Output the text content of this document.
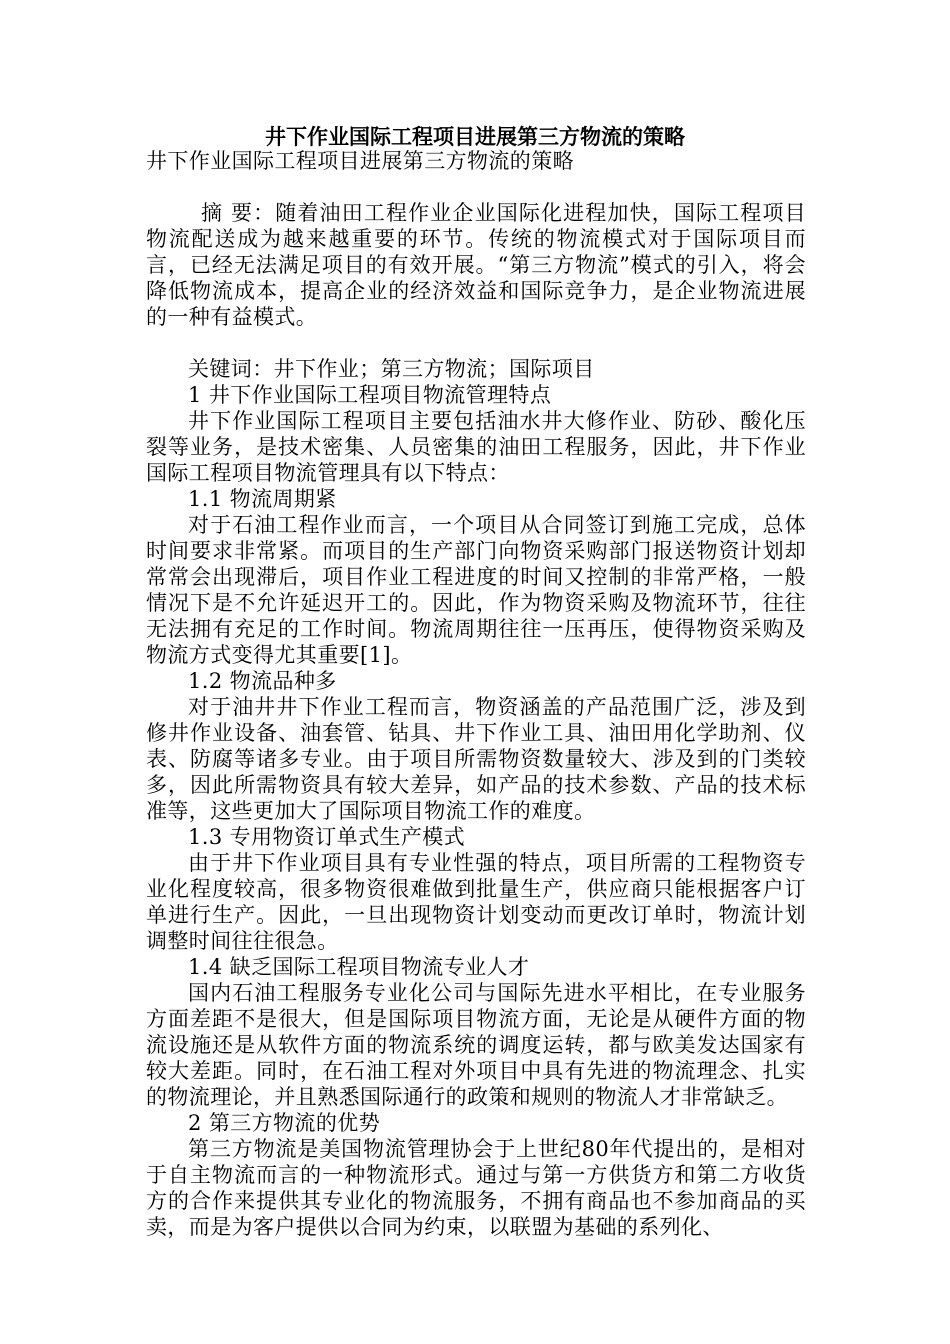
井下作业国际工程项目进展第三方物流的策略

井下作业国际工程项目进展第三方物流的策略

摘 要：随着油田工程作业企业国际化进程加快，国际工程项目物流配送成为越来越重要的环节。传统的物流模式对于国际项目而言，已经无法满足项目的有效开展。“第三方物流”模式的引入，将会降低物流成本，提高企业的经济效益和国际竞争力，是企业物流进展的一种有益模式。

关键词：井下作业；第三方物流；国际项目

1 井下作业国际工程项目物流管理特点

井下作业国际工程项目主要包括油水井大修作业、防砂、酸化压裂等业务，是技术密集、人员密集的油田工程服务，因此，井下作业国际工程项目物流管理具有以下特点：

1.1 物流周期紧

对于石油工程作业而言，一个项目从合同签订到施工完成，总体时间要求非常紧。而项目的生产部门向物资采购部门报送物资计划却常常会出现滞后，项目作业工程进度的时间又控制的非常严格，一般情况下是不允许延迟开工的。因此，作为物资采购及物流环节，往往无法拥有充足的工作时间。物流周期往往一压再压，使得物资采购及物流方式变得尤其重要[1]。

1.2 物流品种多

对于油井井下作业工程而言，物资涵盖的产品范围广泛，涉及到修井作业设备、油套管、钻具、井下作业工具、油田用化学助剂、仪表、防腐等诸多专业。由于项目所需物资数量较大、涉及到的门类较多，因此所需物资具有较大差异，如产品的技术参数、产品的技术标准等，这些更加大了国际项目物流工作的难度。

1.3 专用物资订单式生产模式

由于井下作业项目具有专业性强的特点，项目所需的工程物资专业化程度较高，很多物资很难做到批量生产，供应商只能根据客户订单进行生产。因此，一旦出现物资计划变动而更改订单时，物流计划调整时间往往很急。

1.4 缺乏国际工程项目物流专业人才

国内石油工程服务专业化公司与国际先进水平相比，在专业服务方面差距不是很大，但是国际项目物流方面，无论是从硬件方面的物流设施还是从软件方面的物流系统的调度运转，都与欧美发达国家有较大差距。同时，在石油工程对外项目中具有先进的物流理念、扎实的物流理论，并且熟悉国际通行的政策和规则的物流人才非常缺乏。

2 第三方物流的优势

第三方物流是美国物流管理协会于上世纪80年代提出的，是相对于自主物流而言的一种物流形式。通过与第一方供货方和第二方收货方的合作来提供其专业化的物流服务，不拥有商品也不参加商品的买卖，而是为客户提供以合同为约束，以联盟为基础的系列化、
